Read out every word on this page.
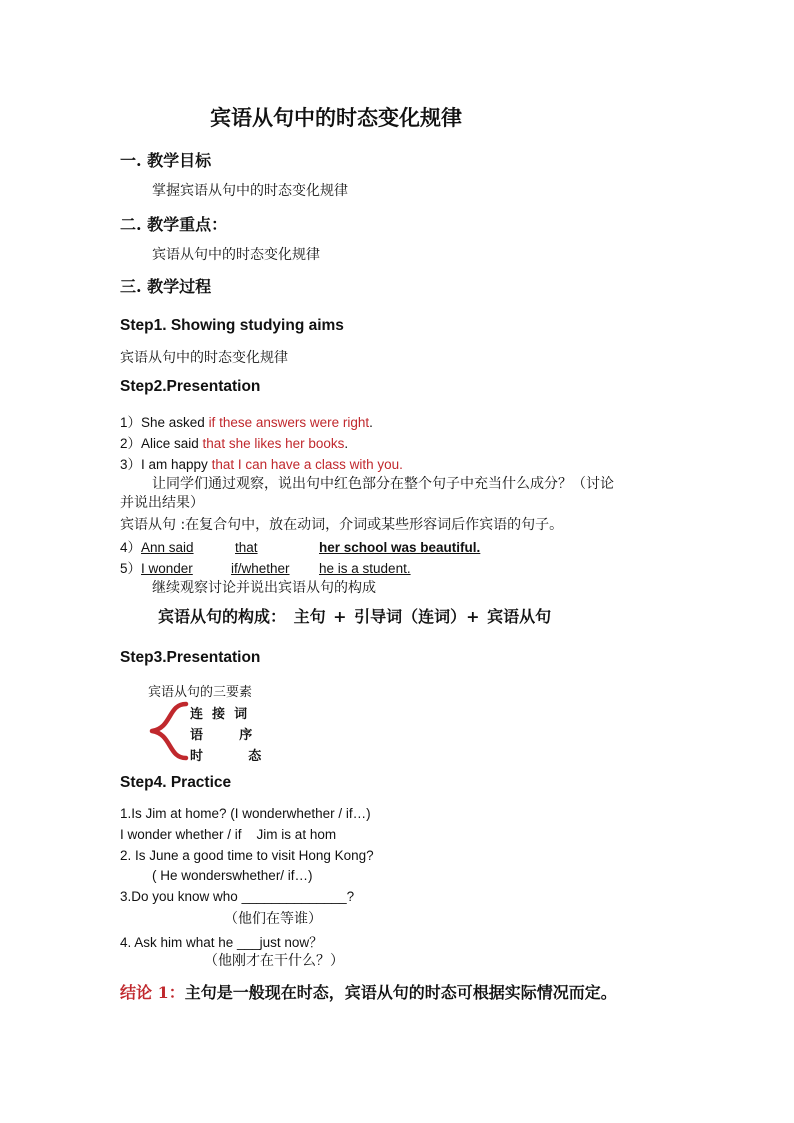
宾语从句中的时态变化规律
一. 教学目标
掌握宾语从句中的时态变化规律
二. 教学重点：
宾语从句中的时态变化规律
三. 教学过程
Step1. Showing studying aims
宾语从句中的时态变化规律
Step2.Presentation
1）She asked if these answers were right.
2）Alice said that she likes her books.
3）I am happy that I can have a class with you.
让同学们通过观察，说出句中红色部分在整个句子中充当什么成分？（讨论
并说出结果）
宾语从句 :在复合句中，放在动词，介词或某些形容词后作宾语的句子。
4）Ann said	that	her school was beautiful.
5）I wonder	if/whether he is a student.
继续观察讨论并说出宾语从句的构成
宾语从句的构成： 主句 + 引导词（连词）+ 宾语从句
Step3.Presentation
宾语从句的三要素
连  接  词
语        序
时          态
Step4. Practice
1.Is Jim at home? (I wonderwhether / if…)
I wonder whether / if    Jim is at hom
2. Is June a good time to visit Hong Kong?
( He wonderswhether/ if…)
3.Do you know who ______________?
（他们在等谁）
4. Ask him what he ___just now？
（他刚才在干什么？）
结论 1：主句是一般现在时态，宾语从句的时态可根据实际情况而定。
